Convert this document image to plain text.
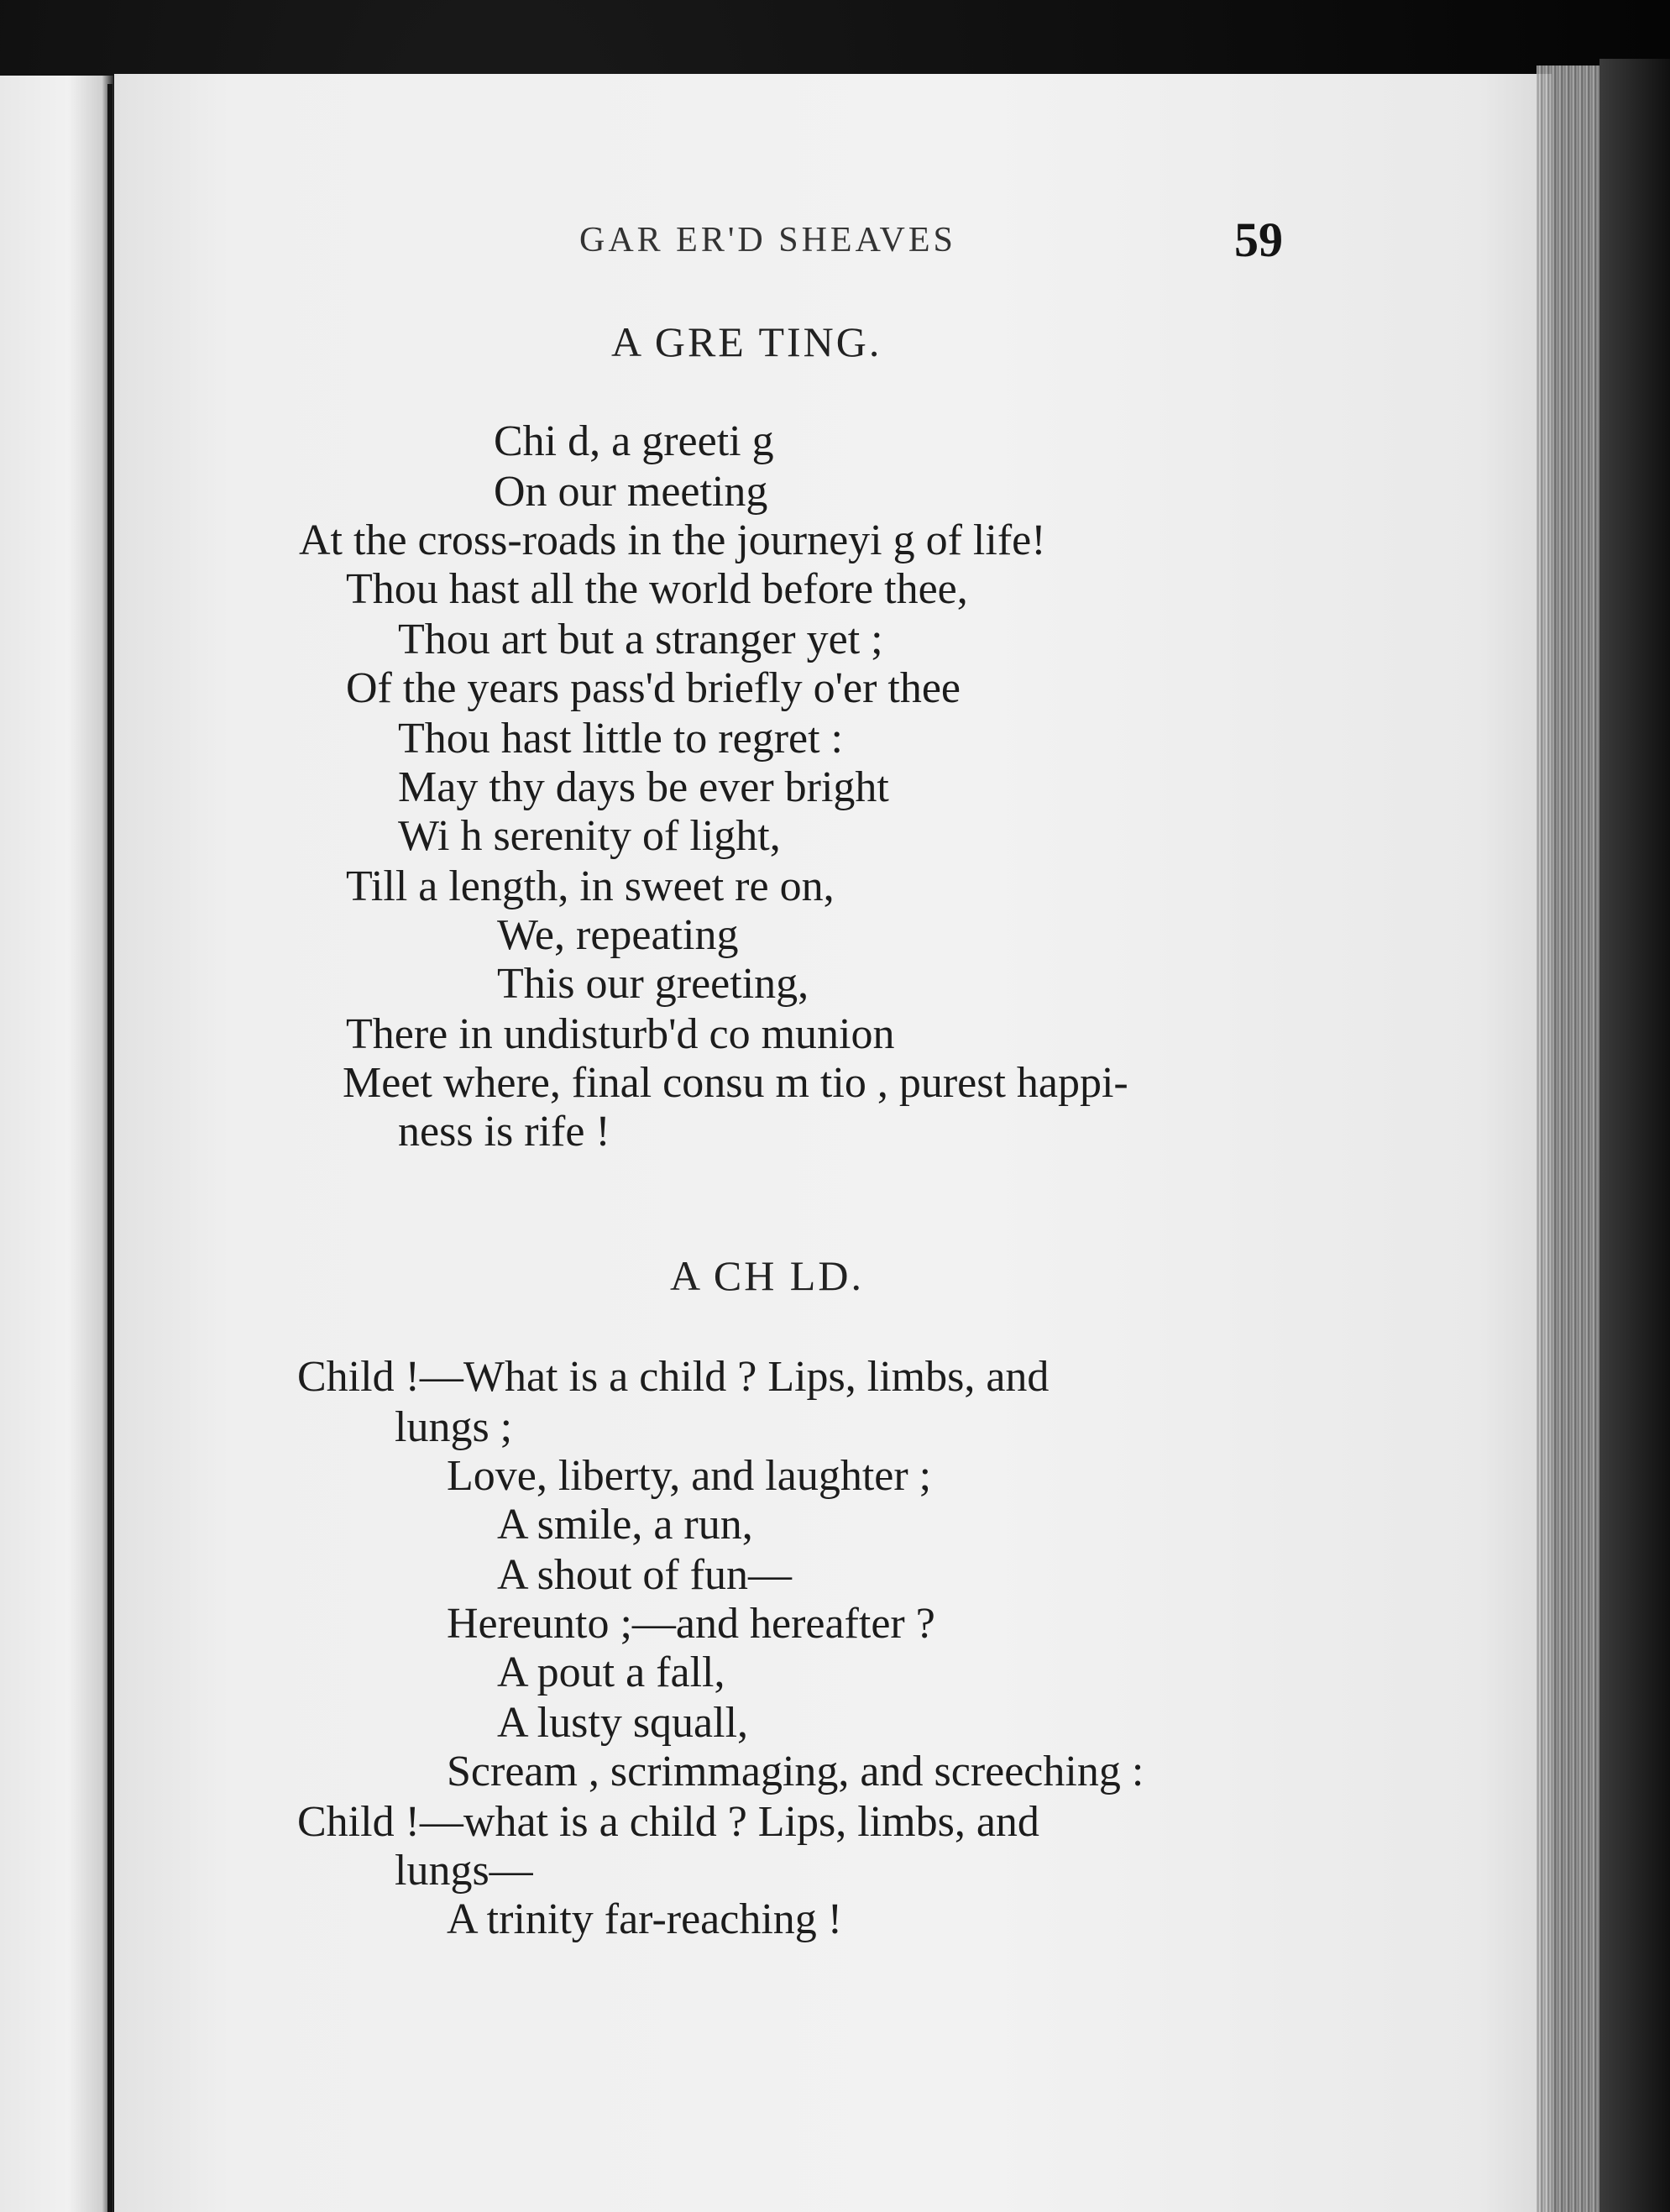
GAR ER'D SHEAVES	59
A GRE TING.
Chi d, a greeti g
On our meeting
At the cross-roads in the journeyi g of life!
Thou hast all the world before thee,
Thou art but a stranger yet ;
Of the years pass'd briefly o'er thee
Thou hast little to regret :
May thy days be ever bright
Wi h serenity of light,
Till a length, in sweet re on,
We, repeating
This our greeting,
There in undisturb'd co munion
Meet where, final consu m tio , purest happi-
ness is rife !
A CH LD.
Child !—What is a child ? Lips, limbs, and
lungs ;
Love, liberty, and laughter ;
A smile, a run,
A shout of fun—
Hereunto ;—and hereafter ?
A pout a fall,
A lusty squall,
Scream , scrimmaging, and screeching :
Child !—what is a child ? Lips, limbs, and
lungs—
A trinity far-reaching !
